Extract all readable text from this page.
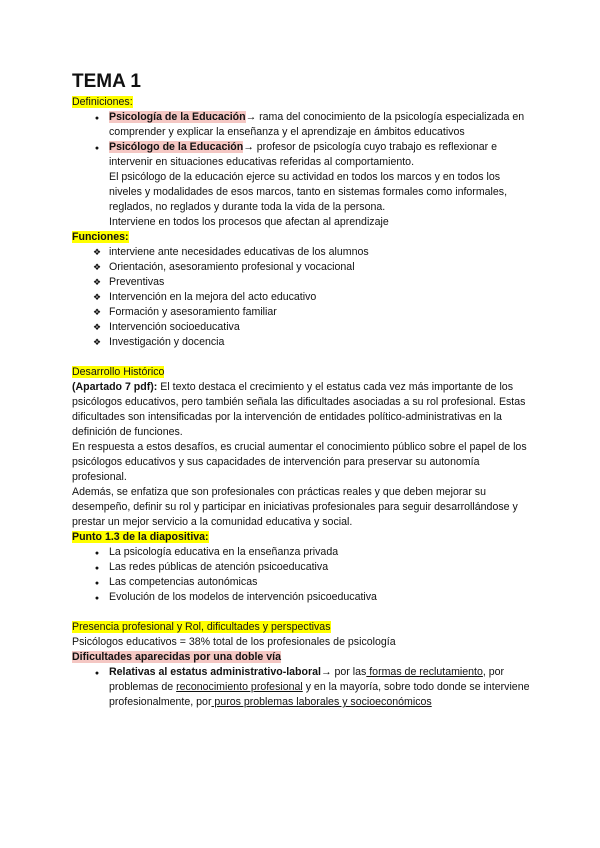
TEMA 1
Definiciones:
●
Psicología de la Educación→ rama del conocimiento de la psicología especializada en comprender y explicar la enseñanza y el aprendizaje en ámbitos educativos
●
Psicólogo de la Educación→ profesor de psicología cuyo trabajo es reflexionar e intervenir en situaciones educativas referidas al comportamiento.
El psicólogo de la educación ejerce su actividad en todos los marcos y en todos los niveles y modalidades de esos marcos, tanto en sistemas formales como informales, reglados, no reglados y durante toda la vida de la persona.
Interviene en todos los procesos que afectan al aprendizaje
Funciones:
❖
interviene ante necesidades educativas de los alumnos
❖
Orientación, asesoramiento profesional y vocacional
❖
Preventivas
❖
Intervención en la mejora del acto educativo
❖
Formación y asesoramiento familiar
❖
Intervención socioeducativa
❖
Investigación y docencia
Desarrollo Histórico
(Apartado 7 pdf): El texto destaca el crecimiento y el estatus cada vez más importante de los psicólogos educativos, pero también señala las dificultades asociadas a su rol profesional. Estas dificultades son intensificadas por la intervención de entidades político-administrativas en la definición de funciones.
En respuesta a estos desafíos, es crucial aumentar el conocimiento público sobre el papel de los psicólogos educativos y sus capacidades de intervención para preservar su autonomía profesional.
Además, se enfatiza que son profesionales con prácticas reales y que deben mejorar su desempeño, definir su rol y participar en iniciativas profesionales para seguir desarrollándose y prestar un mejor servicio a la comunidad educativa y social.
Punto 1.3 de la diapositiva:
●
La psicología educativa en la enseñanza privada
●
Las redes públicas de atención psicoeducativa
●
Las competencias autonómicas
●
Evolución de los modelos de intervención psicoeducativa
Presencia profesional y Rol, dificultades y perspectivas
Psicólogos educativos = 38% total de los profesionales de psicología
Dificultades aparecidas por una doble vía
●
Relativas al estatus administrativo-laboral→ por las formas de reclutamiento, por problemas de reconocimiento profesional y en la mayoría, sobre todo donde se interviene profesionalmente, por puros problemas laborales y socioeconómicos
